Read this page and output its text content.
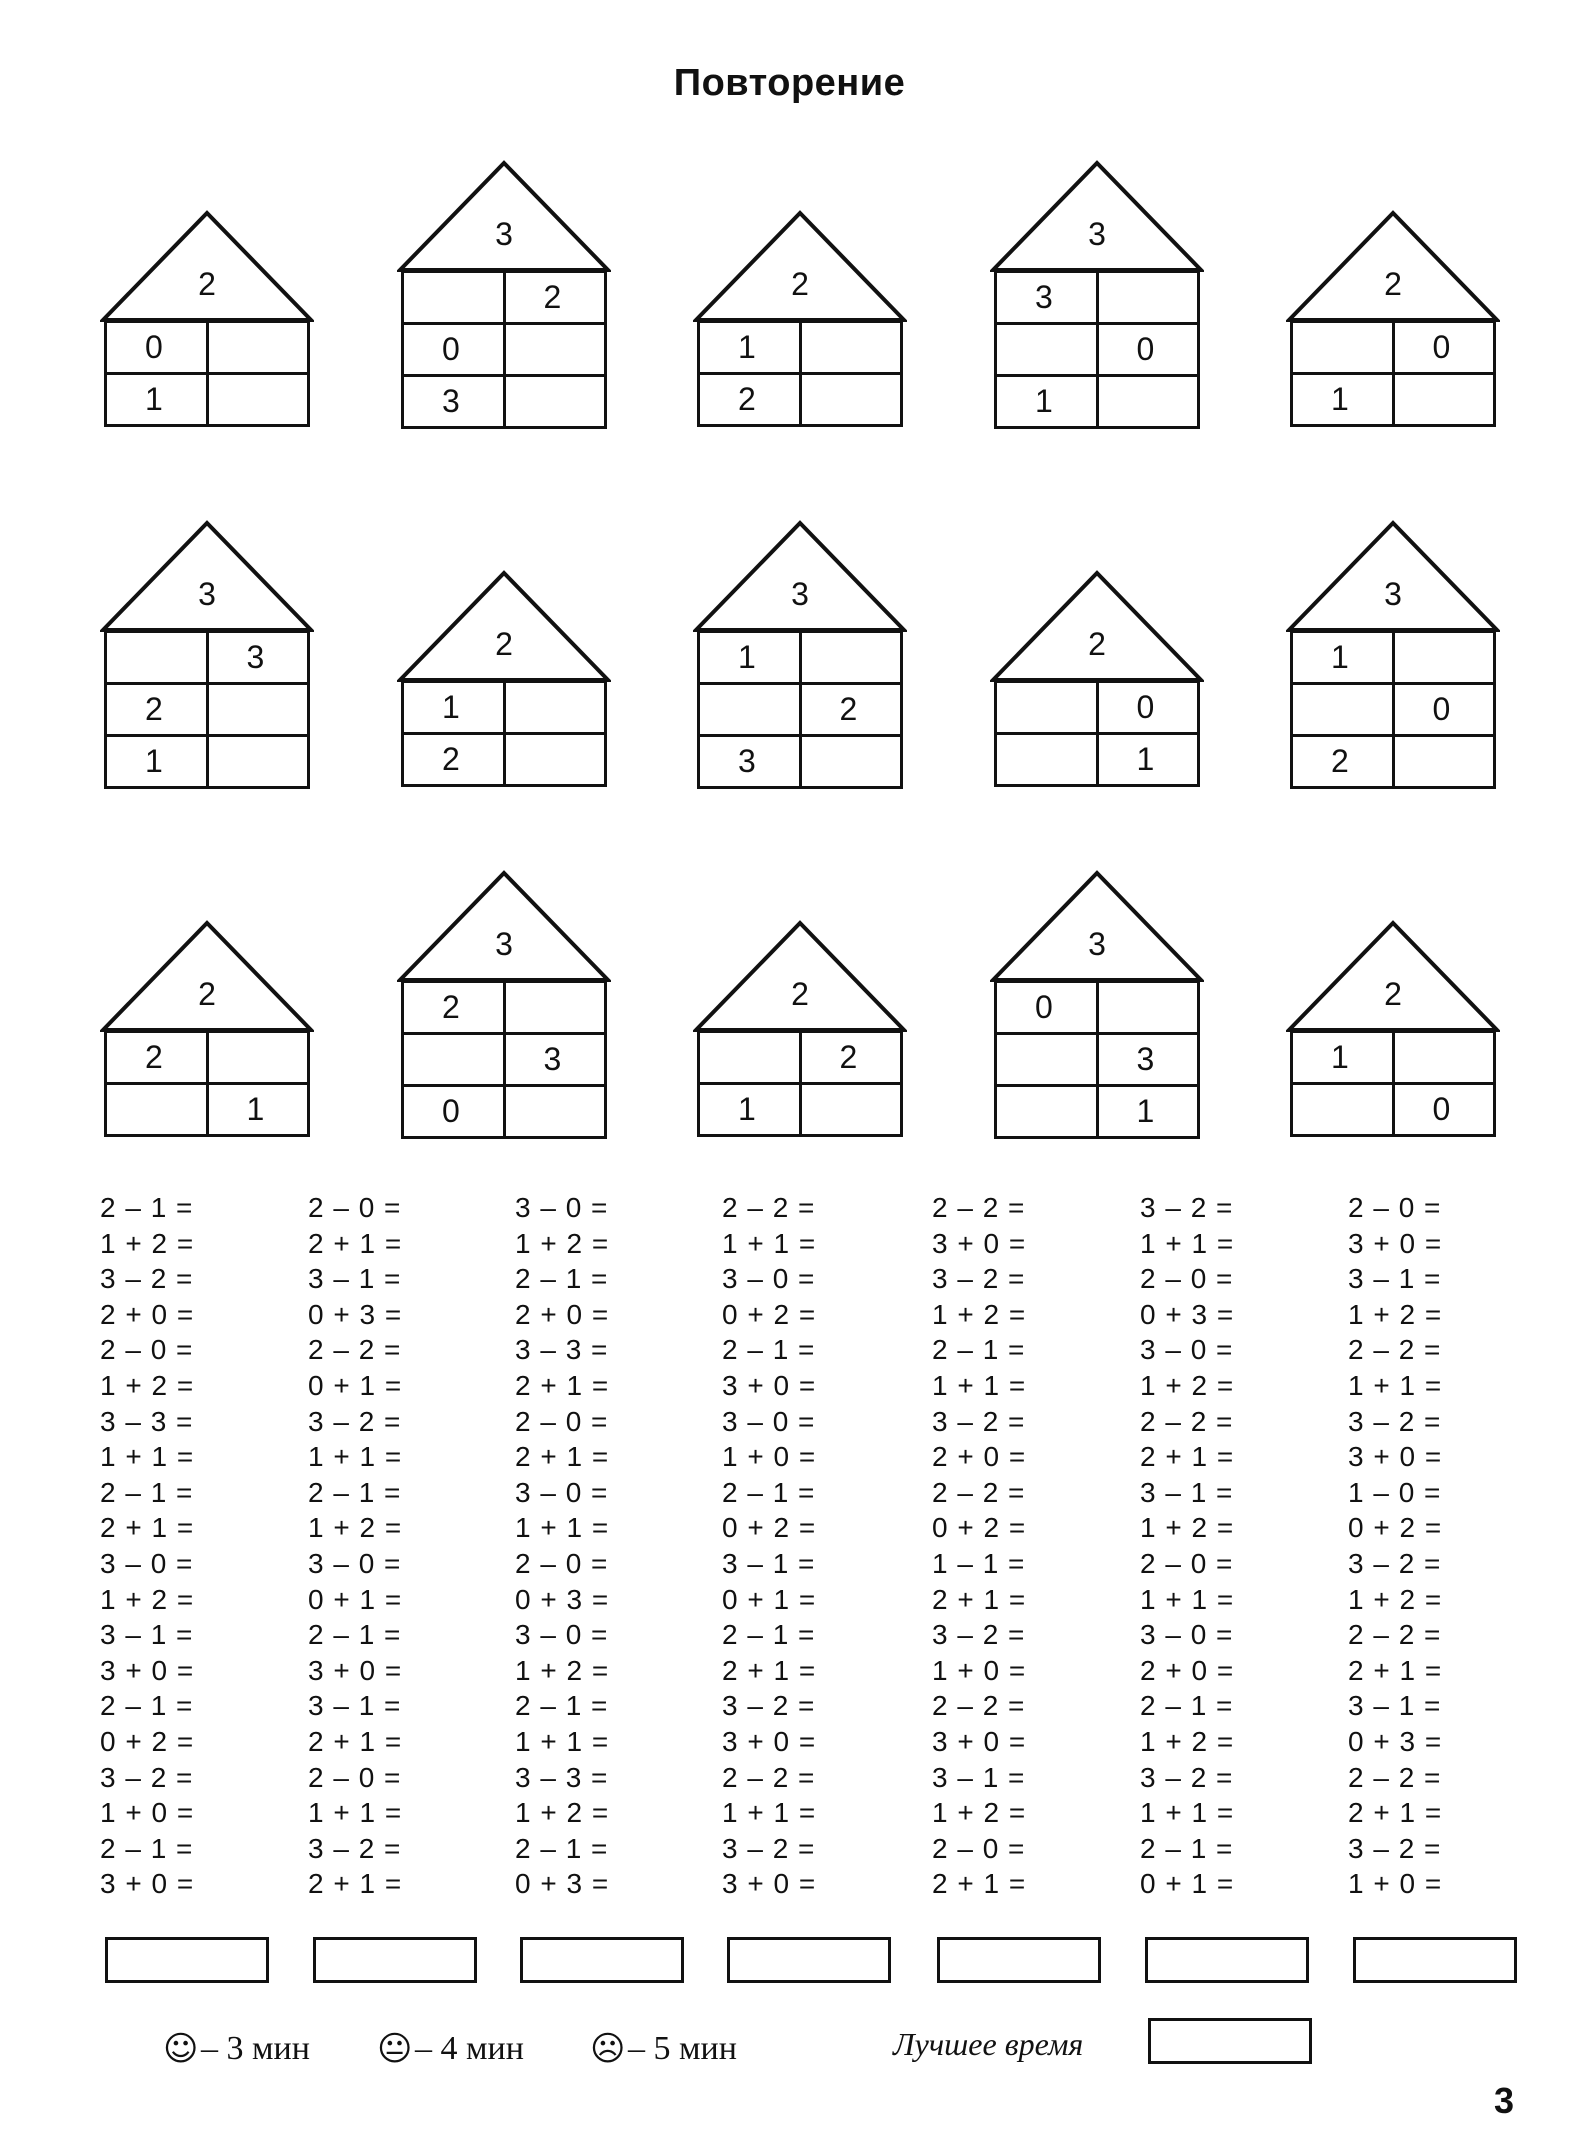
Повторение
2
0
1
3
2
0
3
2
1
2
3
3
0
1
2
0
1
3
3
2
1
2
1
2
3
1
2
3
2
0
1
3
1
0
2
2
2
1
3
2
3
0
2
2
1
3
0
3
1
2
1
0
2 – 1 =
1 + 2 =
3 – 2 =
2 + 0 =
2 – 0 =
1 + 2 =
3 – 3 =
1 + 1 =
2 – 1 =
2 + 1 =
3 – 0 =
1 + 2 =
3 – 1 =
3 + 0 =
2 – 1 =
0 + 2 =
3 – 2 =
1 + 0 =
2 – 1 =
3 + 0 =
2 – 0 =
2 + 1 =
3 – 1 =
0 + 3 =
2 – 2 =
0 + 1 =
3 – 2 =
1 + 1 =
2 – 1 =
1 + 2 =
3 – 0 =
0 + 1 =
2 – 1 =
3 + 0 =
3 – 1 =
2 + 1 =
2 – 0 =
1 + 1 =
3 – 2 =
2 + 1 =
3 – 0 =
1 + 2 =
2 – 1 =
2 + 0 =
3 – 3 =
2 + 1 =
2 – 0 =
2 + 1 =
3 – 0 =
1 + 1 =
2 – 0 =
0 + 3 =
3 – 0 =
1 + 2 =
2 – 1 =
1 + 1 =
3 – 3 =
1 + 2 =
2 – 1 =
0 + 3 =
2 – 2 =
1 + 1 =
3 – 0 =
0 + 2 =
2 – 1 =
3 + 0 =
3 – 0 =
1 + 0 =
2 – 1 =
0 + 2 =
3 – 1 =
0 + 1 =
2 – 1 =
2 + 1 =
3 – 2 =
3 + 0 =
2 – 2 =
1 + 1 =
3 – 2 =
3 + 0 =
2 – 2 =
3 + 0 =
3 – 2 =
1 + 2 =
2 – 1 =
1 + 1 =
3 – 2 =
2 + 0 =
2 – 2 =
0 + 2 =
1 – 1 =
2 + 1 =
3 – 2 =
1 + 0 =
2 – 2 =
3 + 0 =
3 – 1 =
1 + 2 =
2 – 0 =
2 + 1 =
3 – 2 =
1 + 1 =
2 – 0 =
0 + 3 =
3 – 0 =
1 + 2 =
2 – 2 =
2 + 1 =
3 – 1 =
1 + 2 =
2 – 0 =
1 + 1 =
3 – 0 =
2 + 0 =
2 – 1 =
1 + 2 =
3 – 2 =
1 + 1 =
2 – 1 =
0 + 1 =
2 – 0 =
3 + 0 =
3 – 1 =
1 + 2 =
2 – 2 =
1 + 1 =
3 – 2 =
3 + 0 =
1 – 0 =
0 + 2 =
3 – 2 =
1 + 2 =
2 – 2 =
2 + 1 =
3 – 1 =
0 + 3 =
2 – 2 =
2 + 1 =
3 – 2 =
1 + 0 =
☺ – 3 мин 😐 – 4 мин ☹ – 5 мин	Лучшее время
3
